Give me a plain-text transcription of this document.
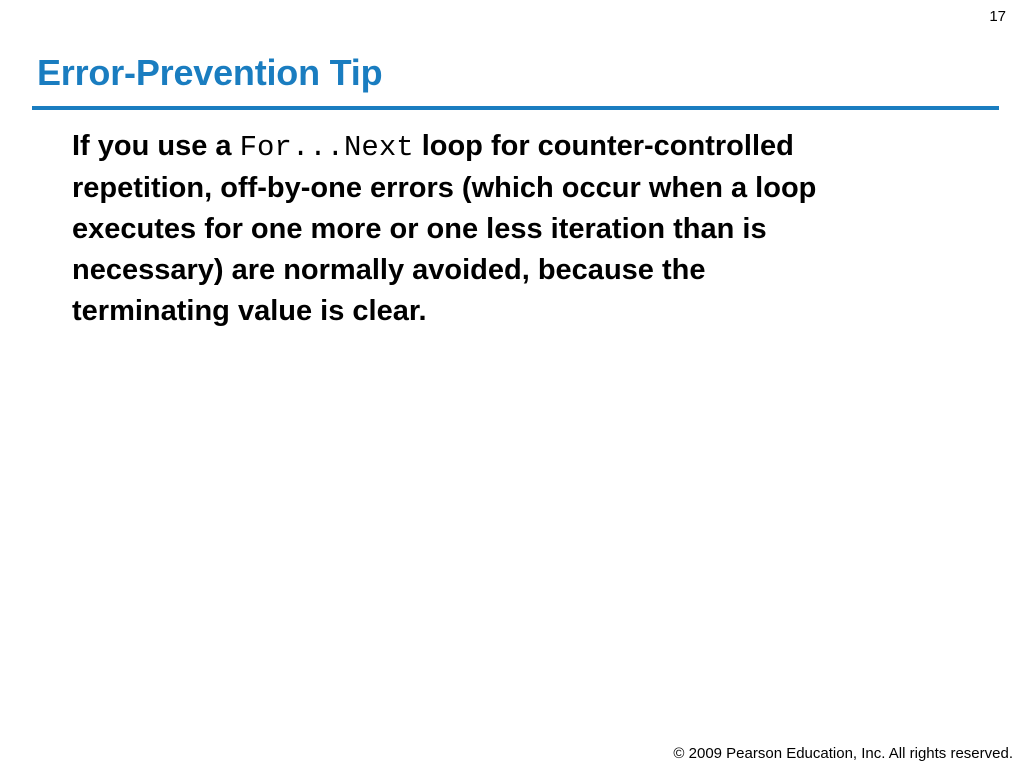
17
Error-Prevention Tip
If you use a For...Next loop for counter-controlled
repetition, off-by-one errors (which occur when a loop
executes for one more or one less iteration than is
necessary) are normally avoided, because the
terminating value is clear.
© 2009 Pearson Education, Inc. All rights reserved.
